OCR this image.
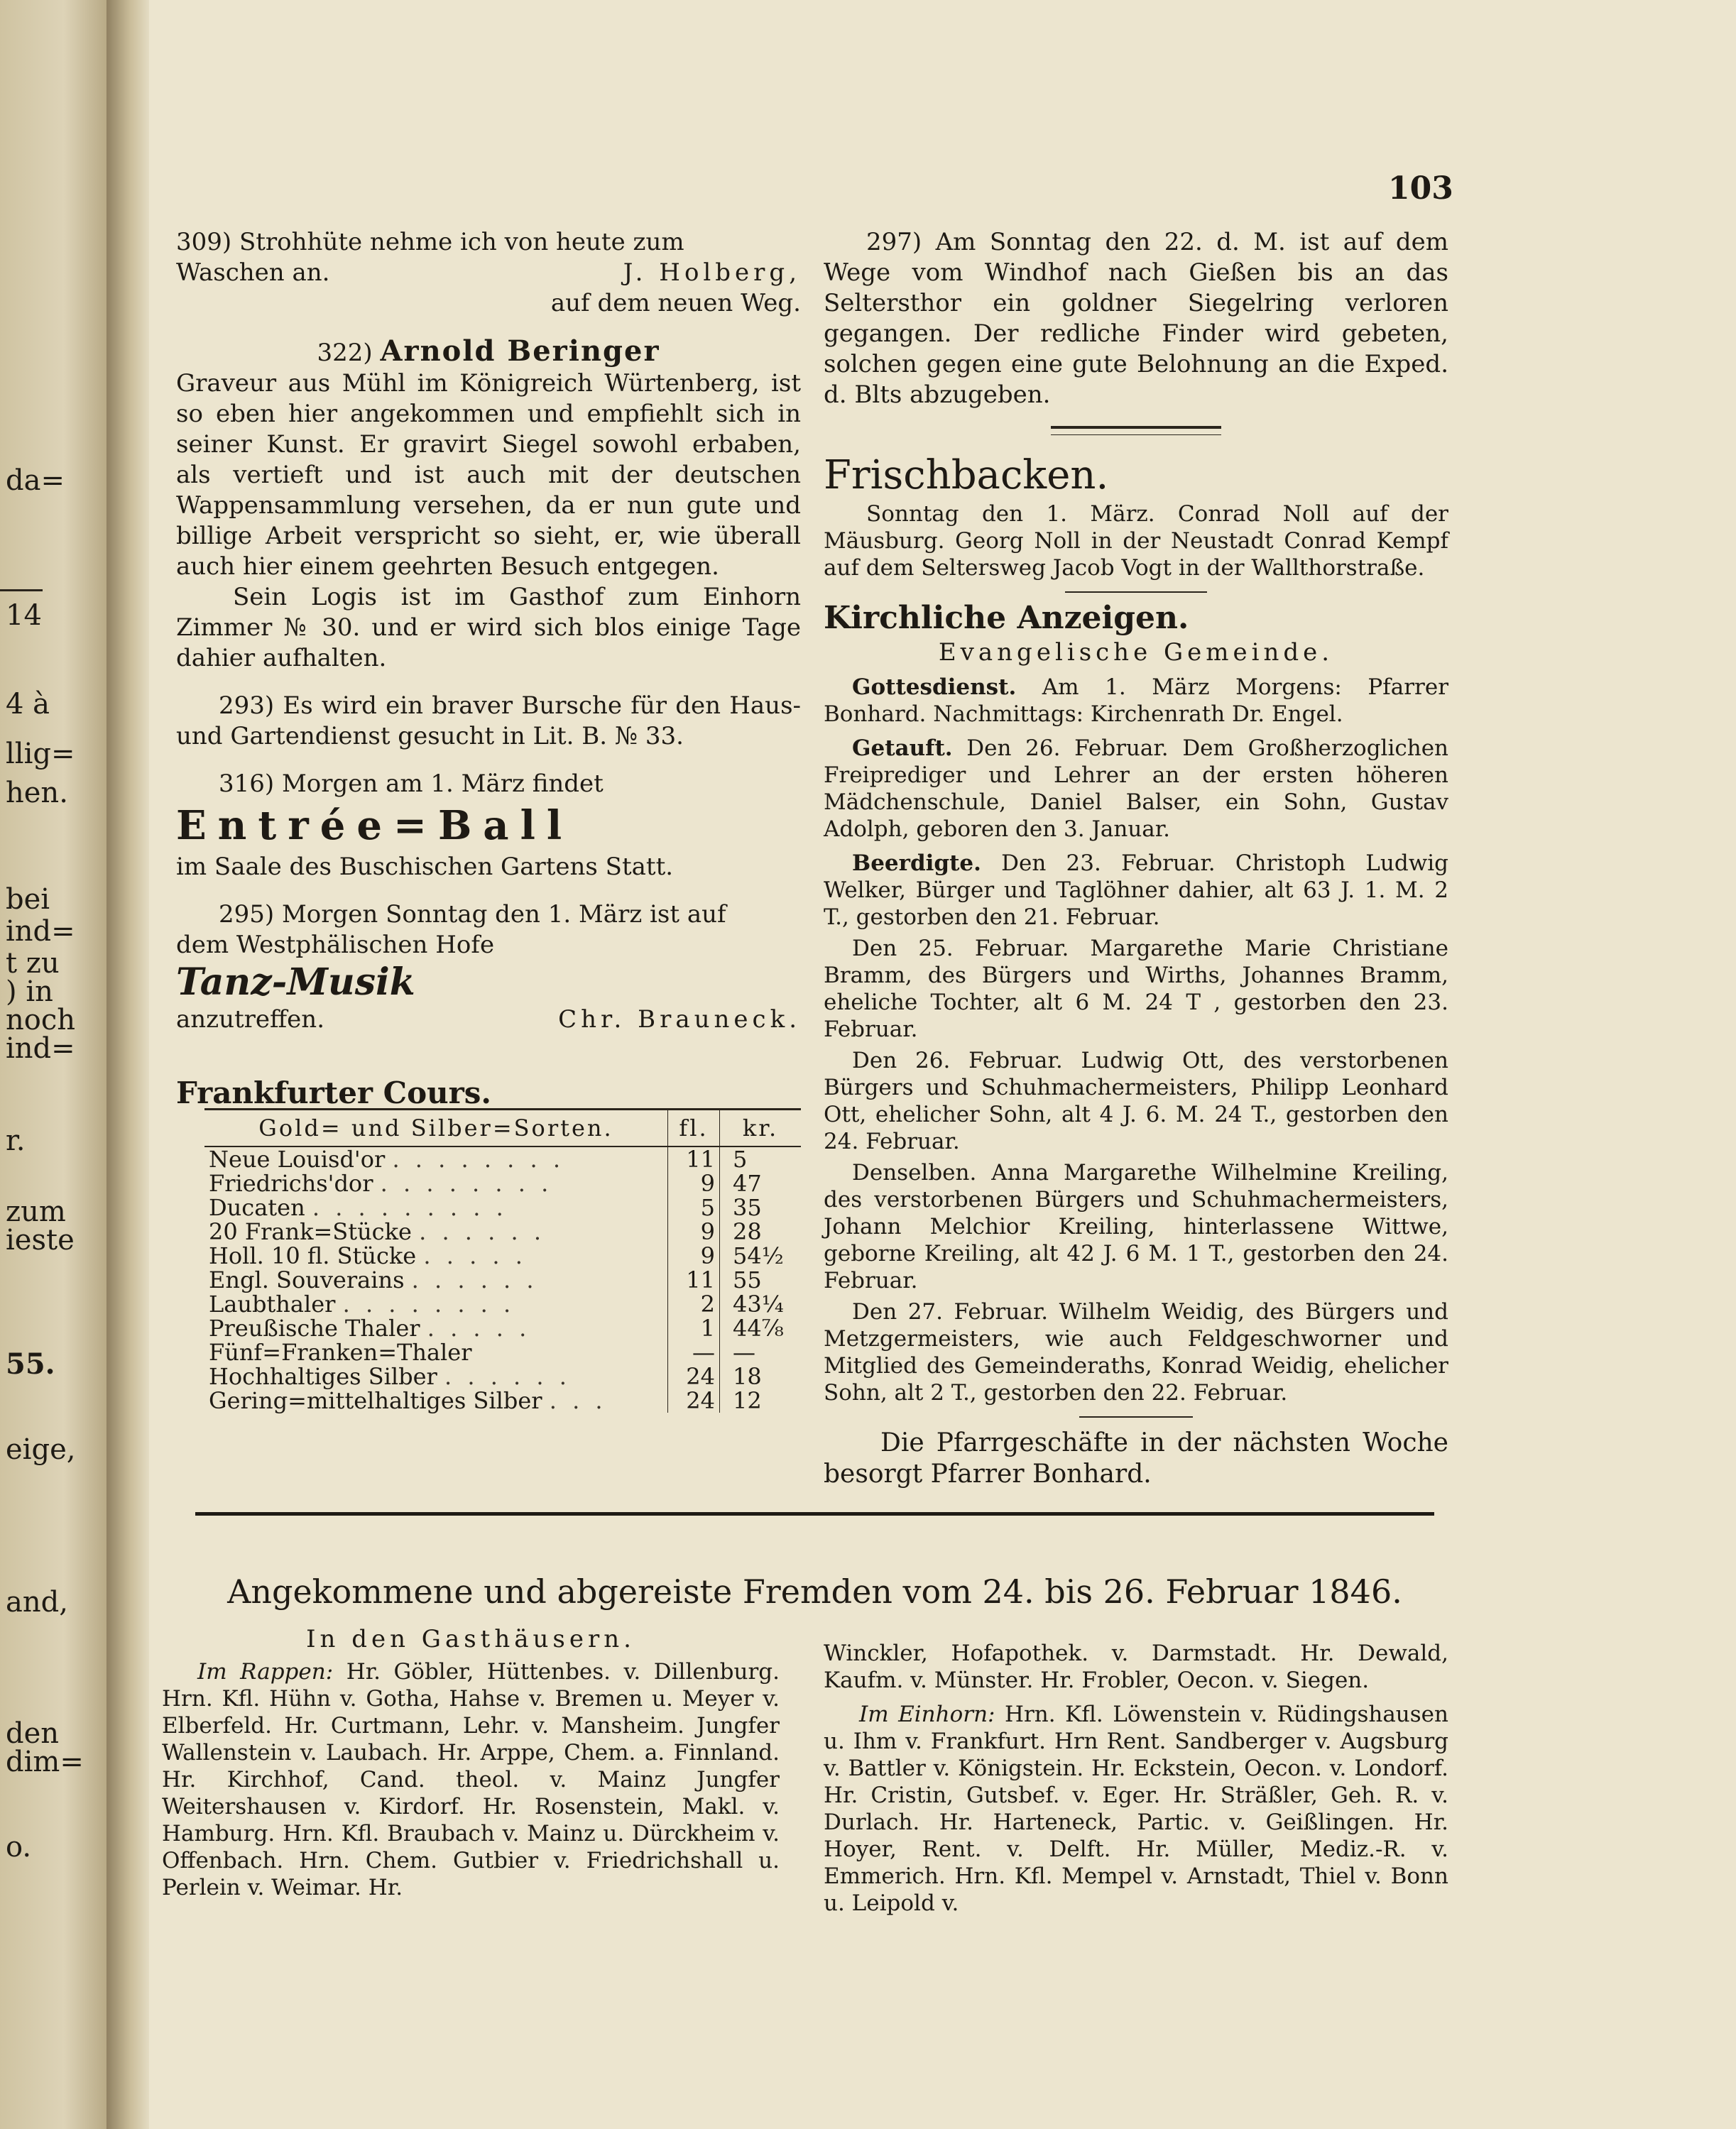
da=
14
4 à
llig=
hen.
bei
ind=
t zu
) in
noch
ind=
r.
zum
ieste
55.
eige,
and,
den
dim=
o.
103

309) Strohhüte nehme ich von heute zum

Waschen an.	J. Holberg,

auf dem neuen Weg.

322) Arnold Beringer

Graveur aus Mühl im Königreich Würtenberg, ist so eben hier angekommen und empfiehlt sich in seiner Kunst. Er gravirt Siegel sowohl erbaben, als vertieft und ist auch mit der deutschen Wappensammlung versehen, da er nun gute und billige Arbeit verspricht so sieht, er, wie überall auch hier einem geehrten Besuch entgegen.

Sein Logis ist im Gasthof zum Einhorn Zimmer № 30. und er wird sich blos einige Tage dahier aufhalten.

293) Es wird ein braver Bursche für den Haus- und Gartendienst gesucht in Lit. B. № 33.

316) Morgen am 1. März findet

Entrée=Ball

im Saale des Buschischen Gartens Statt.

295) Morgen Sonntag den 1. März ist auf

dem Westphälischen Hofe

Tanz-Musik

anzutreffen.	Chr. Brauneck.

Frankfurter Cours.

Gold= und Silber=Sorten.	fl.	kr.
Neue Louisd'or . . . . . . . .	11	5
Friedrichs'dor . . . . . . . .	9	47
Ducaten . . . . . . . . .	5	35
20 Frank=Stücke . . . . . .	9	28
Holl. 10 fl. Stücke . . . . .	9	54½
Engl. Souverains . . . . . .	11	55
Laubthaler . . . . . . . .	2	43¼
Preußische Thaler . . . . .	1	44⅞
Fünf=Franken=Thaler	—	—
Hochhaltiges Silber . . . . . .	24	18
Gering=mittelhaltiges Silber . . .	24	12

297) Am Sonntag den 22. d. M. ist auf dem Wege vom Windhof nach Gießen bis an das Seltersthor ein goldner Siegelring verloren gegangen. Der redliche Finder wird gebeten, solchen gegen eine gute Belohnung an die Exped. d. Blts abzugeben.

Frischbacken.

Sonntag den 1. März. Conrad Noll auf der Mäusburg. Georg Noll in der Neustadt Conrad Kempf auf dem Seltersweg Jacob Vogt in der Wallthorstraße.

Kirchliche Anzeigen.

Evangelische Gemeinde.

Gottesdienst. Am 1. März Morgens: Pfarrer Bonhard. Nachmittags: Kirchenrath Dr. Engel.

Getauft. Den 26. Februar. Dem Großherzoglichen Freiprediger und Lehrer an der ersten höheren Mädchenschule, Daniel Balser, ein Sohn, Gustav Adolph, geboren den 3. Januar.

Beerdigte. Den 23. Februar. Christoph Ludwig Welker, Bürger und Taglöhner dahier, alt 63 J. 1. M. 2 T., gestorben den 21. Februar.

Den 25. Februar. Margarethe Marie Christiane Bramm, des Bürgers und Wirths, Johannes Bramm, eheliche Tochter, alt 6 M. 24 T , gestorben den 23. Februar.

Den 26. Februar. Ludwig Ott, des verstorbenen Bürgers und Schuhmachermeisters, Philipp Leonhard Ott, ehelicher Sohn, alt 4 J. 6. M. 24 T., gestorben den 24. Februar.

Denselben. Anna Margarethe Wilhelmine Kreiling, des verstorbenen Bürgers und Schuhmachermeisters, Johann Melchior Kreiling, hinterlassene Wittwe, geborne Kreiling, alt 42 J. 6 M. 1 T., gestorben den 24. Februar.

Den 27. Februar. Wilhelm Weidig, des Bürgers und Metzgermeisters, wie auch Feldgeschworner und Mitglied des Gemeinderaths, Konrad Weidig, ehelicher Sohn, alt 2 T., gestorben den 22. Februar.

Die Pfarrgeschäfte in der nächsten Woche besorgt Pfarrer Bonhard.

Angekommene und abgereiste Fremden vom 24. bis 26. Februar 1846.

In den Gasthäusern.

Im Rappen: Hr. Göbler, Hüttenbes. v. Dillenburg. Hrn. Kfl. Hühn v. Gotha, Hahse v. Bremen u. Meyer v. Elberfeld. Hr. Curtmann, Lehr. v. Mansheim. Jungfer Wallenstein v. Laubach. Hr. Arppe, Chem. a. Finnland. Hr. Kirchhof, Cand. theol. v. Mainz Jungfer Weitershausen v. Kirdorf. Hr. Rosenstein, Makl. v. Hamburg. Hrn. Kfl. Braubach v. Mainz u. Dürckheim v. Offenbach. Hrn. Chem. Gutbier v. Friedrichshall u. Perlein v. Weimar. Hr.

Winckler, Hofapothek. v. Darmstadt. Hr. Dewald, Kaufm. v. Münster. Hr. Frobler, Oecon. v. Siegen.

Im Einhorn: Hrn. Kfl. Löwenstein v. Rüdingshausen u. Ihm v. Frankfurt. Hrn Rent. Sandberger v. Augsburg v. Battler v. Königstein. Hr. Eckstein, Oecon. v. Londorf. Hr. Cristin, Gutsbef. v. Eger. Hr. Sträßler, Geh. R. v. Durlach. Hr. Harteneck, Partic. v. Geißlingen. Hr. Hoyer, Rent. v. Delft. Hr. Müller, Mediz.-R. v. Emmerich. Hrn. Kfl. Mempel v. Arnstadt, Thiel v. Bonn u. Leipold v.
